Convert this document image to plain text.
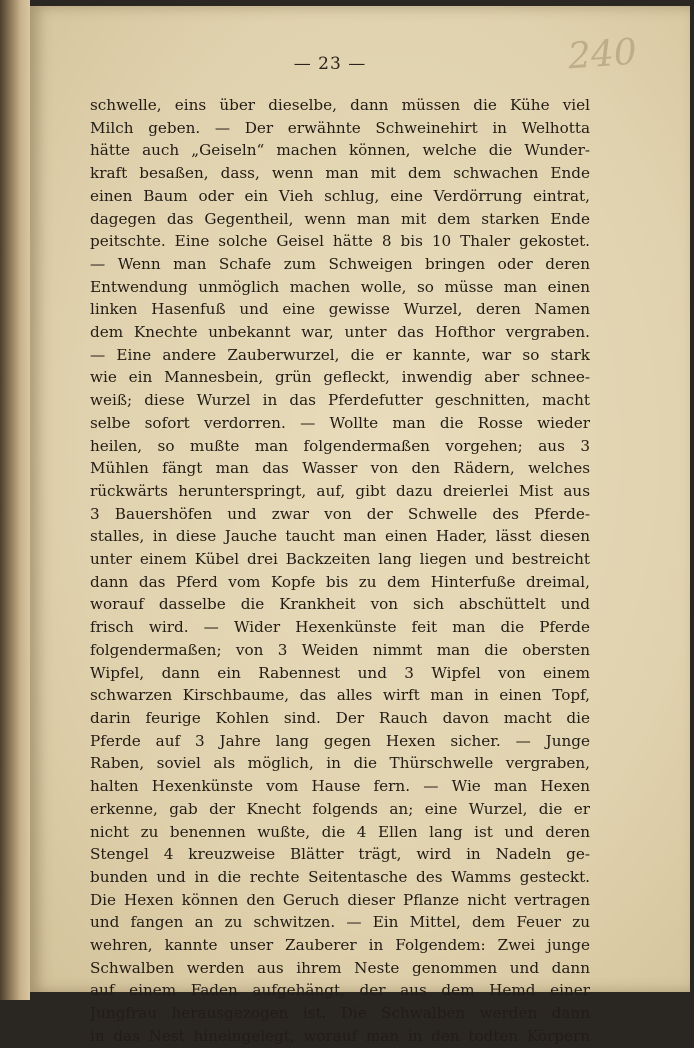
— 23 —	240
schwelle, eins über dieselbe, dann müssen die Kühe viel
Milch geben. — Der erwähnte Schweinehirt in Welhotta
hätte auch „Geiseln“ machen können, welche die Wunder-
kraft besaßen, dass, wenn man mit dem schwachen Ende
einen Baum oder ein Vieh schlug, eine Verdörrung eintrat,
dagegen das Gegentheil, wenn man mit dem starken Ende
peitschte. Eine solche Geisel hätte 8 bis 10 Thaler gekostet.
— Wenn man Schafe zum Schweigen bringen oder deren
Entwendung unmöglich machen wolle, so müsse man einen
linken Hasenfuß und eine gewisse Wurzel, deren Namen
dem Knechte unbekannt war, unter das Hofthor vergraben.
— Eine andere Zauberwurzel, die er kannte, war so stark
wie ein Mannesbein, grün gefleckt, inwendig aber schnee-
weiß; diese Wurzel in das Pferdefutter geschnitten, macht
selbe sofort verdorren. — Wollte man die Rosse wieder
heilen, so mußte man folgendermaßen vorgehen; aus 3
Mühlen fängt man das Wasser von den Rädern, welches
rückwärts herunterspringt, auf, gibt dazu dreierlei Mist aus
3 Bauershöfen und zwar von der Schwelle des Pferde-
stalles, in diese Jauche taucht man einen Hader, lässt diesen
unter einem Kübel drei Backzeiten lang liegen und bestreicht
dann das Pferd vom Kopfe bis zu dem Hinterfuße dreimal,
worauf dasselbe die Krankheit von sich abschüttelt und
frisch wird. — Wider Hexenkünste feit man die Pferde
folgendermaßen; von 3 Weiden nimmt man die obersten
Wipfel, dann ein Rabennest und 3 Wipfel von einem
schwarzen Kirschbaume, das alles wirft man in einen Topf,
darin feurige Kohlen sind. Der Rauch davon macht die
Pferde auf 3 Jahre lang gegen Hexen sicher. — Junge
Raben, soviel als möglich, in die Thürschwelle vergraben,
halten Hexenkünste vom Hause fern. — Wie man Hexen
erkenne, gab der Knecht folgends an; eine Wurzel, die er
nicht zu benennen wußte, die 4 Ellen lang ist und deren
Stengel 4 kreuzweise Blätter trägt, wird in Nadeln ge-
bunden und in die rechte Seitentasche des Wamms gesteckt.
Die Hexen können den Geruch dieser Pflanze nicht vertragen
und fangen an zu schwitzen. — Ein Mittel, dem Feuer zu
wehren, kannte unser Zauberer in Folgendem: Zwei junge
Schwalben werden aus ihrem Neste genommen und dann
auf einem Faden aufgehängt, der aus dem Hemd einer
Jungfrau herausgezogen ist. Die Schwalben werden dann
in das Nest hineingelegt, worauf man in den todten Körpern
